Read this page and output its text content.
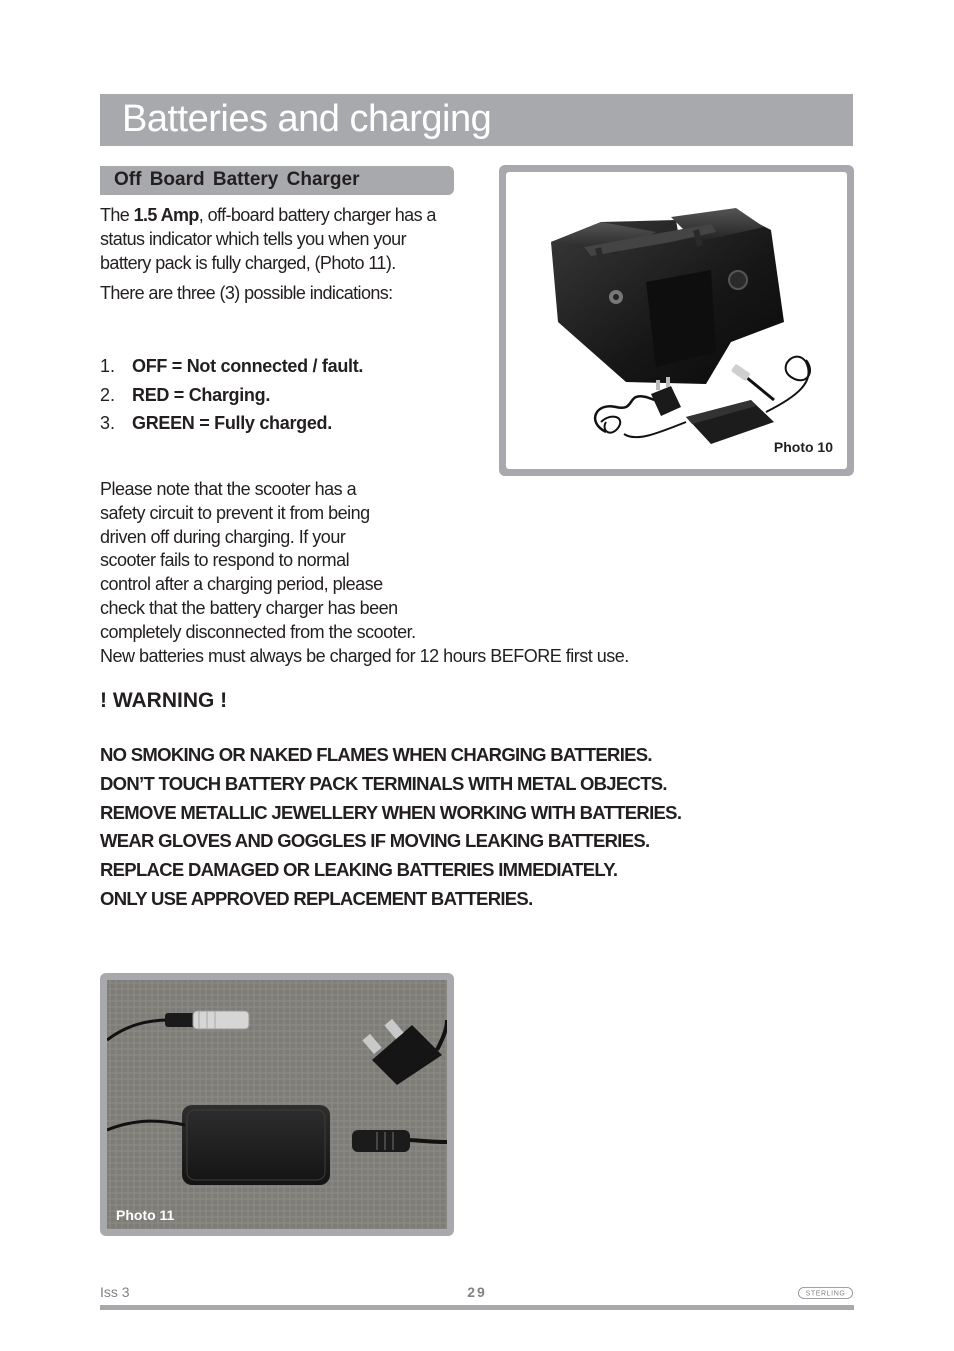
Batteries and charging
Off Board Battery Charger

The 1.5 Amp, off-board battery charger has a status indicator which tells you when your battery pack is fully charged, (Photo 11).

There are three (3) possible indications:

1. OFF = Not connected / fault.
2. RED = Charging.
3. GREEN = Fully charged.

Please note that the scooter has a

safety circuit to prevent it from being

driven off during charging. If your

scooter fails to respond to normal

control after a charging period, please

check that the battery charger has been

completely disconnected from the scooter.

New batteries must always be charged for 12 hours BEFORE first use.

! WARNING !
NO SMOKING OR NAKED FLAMES WHEN CHARGING BATTERIES.
DON’T TOUCH BATTERY PACK TERMINALS WITH METAL OBJECTS.
REMOVE METALLIC JEWELLERY WHEN WORKING WITH BATTERIES.
WEAR GLOVES AND GOGGLES IF MOVING LEAKING BATTERIES.
REPLACE DAMAGED OR LEAKING BATTERIES IMMEDIATELY.
ONLY USE APPROVED REPLACEMENT BATTERIES.
Photo 10
Photo 11
Iss 3	29	STERLING
